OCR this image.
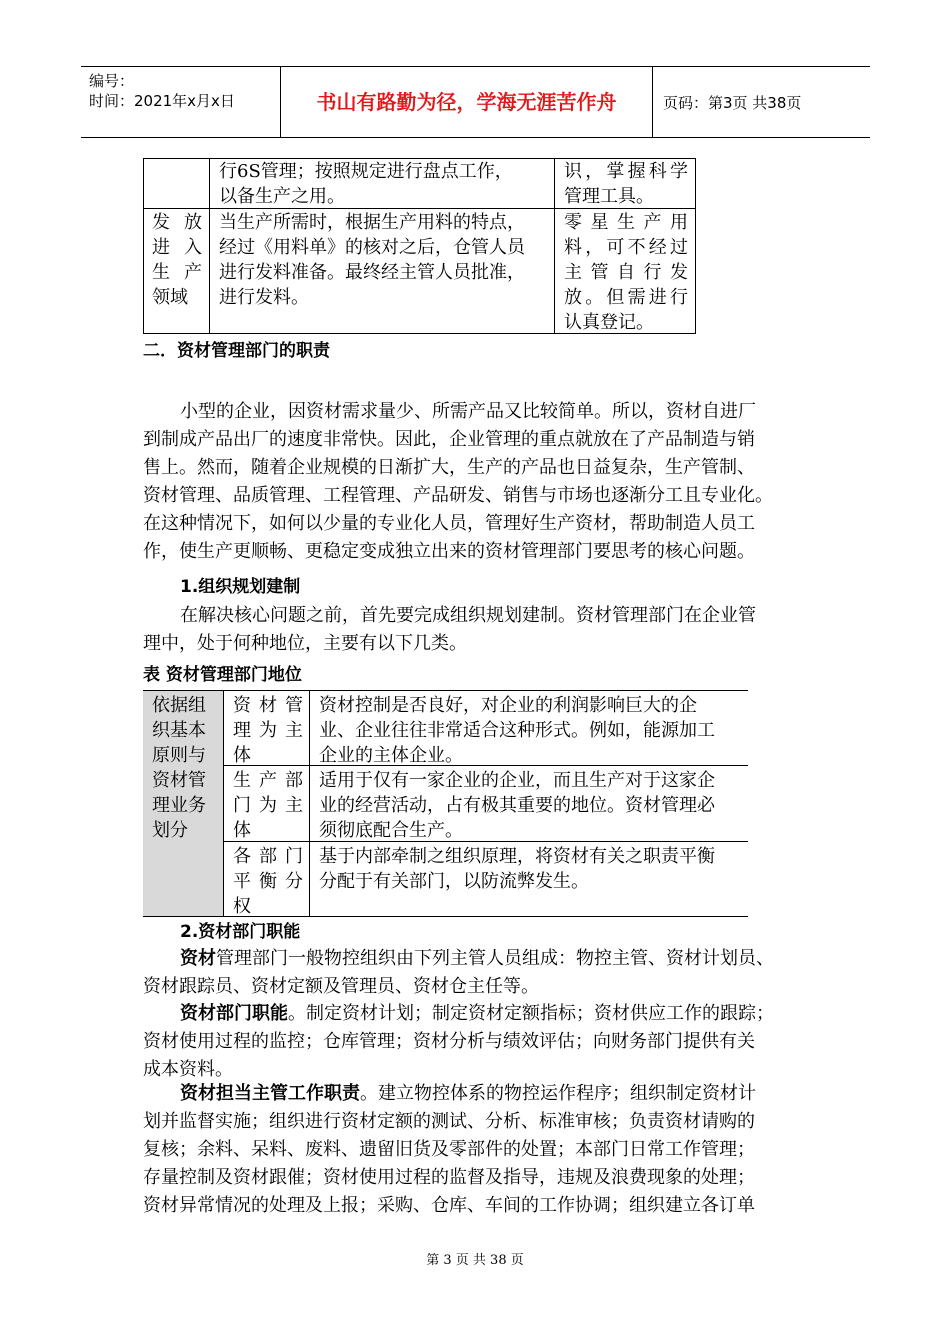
编号：
时间：2021年x月x日	书山有路勤为径，学海无涯苦作舟	页码：第3页 共38页
行6S管理；按照规定进行盘点工作，
以备生产之用。
识，掌握科学
管理工具。
发放
进入
生产
领域
当生产所需时，根据生产用料的特点，
经过《用料单》的核对之后，仓管人员
进行发料准备。最终经主管人员批准，
进行发料。
零星生产用
料，可不经过
主管自行发
放。但需进行
认真登记。
二．资材管理部门的职责
小型的企业，因资材需求量少、所需产品又比较简单。所以，资材自进厂
到制成产品出厂的速度非常快。因此，企业管理的重点就放在了产品制造与销
售上。然而，随着企业规模的日渐扩大，生产的产品也日益复杂，生产管制、
资材管理、品质管理、工程管理、产品研发、销售与市场也逐渐分工且专业化。
在这种情况下，如何以少量的专业化人员，管理好生产资材，帮助制造人员工
作，使生产更顺畅、更稳定变成独立出来的资材管理部门要思考的核心问题。
1.组织规划建制
在解决核心问题之前，首先要完成组织规划建制。资材管理部门在企业管
理中，处于何种地位，主要有以下几类。
表 资材管理部门地位
依据组
织基本
原则与
资材管
理业务
划分
资材管
理为主
体
资材控制是否良好，对企业的利润影响巨大的企
业、企业往往非常适合这种形式。例如，能源加工
企业的主体企业。
生产部
门为主
体
适用于仅有一家企业的企业，而且生产对于这家企
业的经营活动，占有极其重要的地位。资材管理必
须彻底配合生产。
各部门
平衡分
权
基于内部牵制之组织原理，将资材有关之职责平衡
分配于有关部门，以防流弊发生。
2.资材部门职能
资材管理部门一般物控组织由下列主管人员组成：物控主管、资材计划员、
资材跟踪员、资材定额及管理员、资材仓主任等。
资材部门职能。制定资材计划；制定资材定额指标；资材供应工作的跟踪；
资材使用过程的监控；仓库管理；资材分析与绩效评估；向财务部门提供有关
成本资料。
资材担当主管工作职责。建立物控体系的物控运作程序；组织制定资材计
划并监督实施；组织进行资材定额的测试、分析、标准审核；负责资材请购的
复核；余料、呆料、废料、遗留旧货及零部件的处置；本部门日常工作管理；
存量控制及资材跟催；资材使用过程的监督及指导，违规及浪费现象的处理；
资材异常情况的处理及上报；采购、仓库、车间的工作协调；组织建立各订单
第 3 页 共 38 页
